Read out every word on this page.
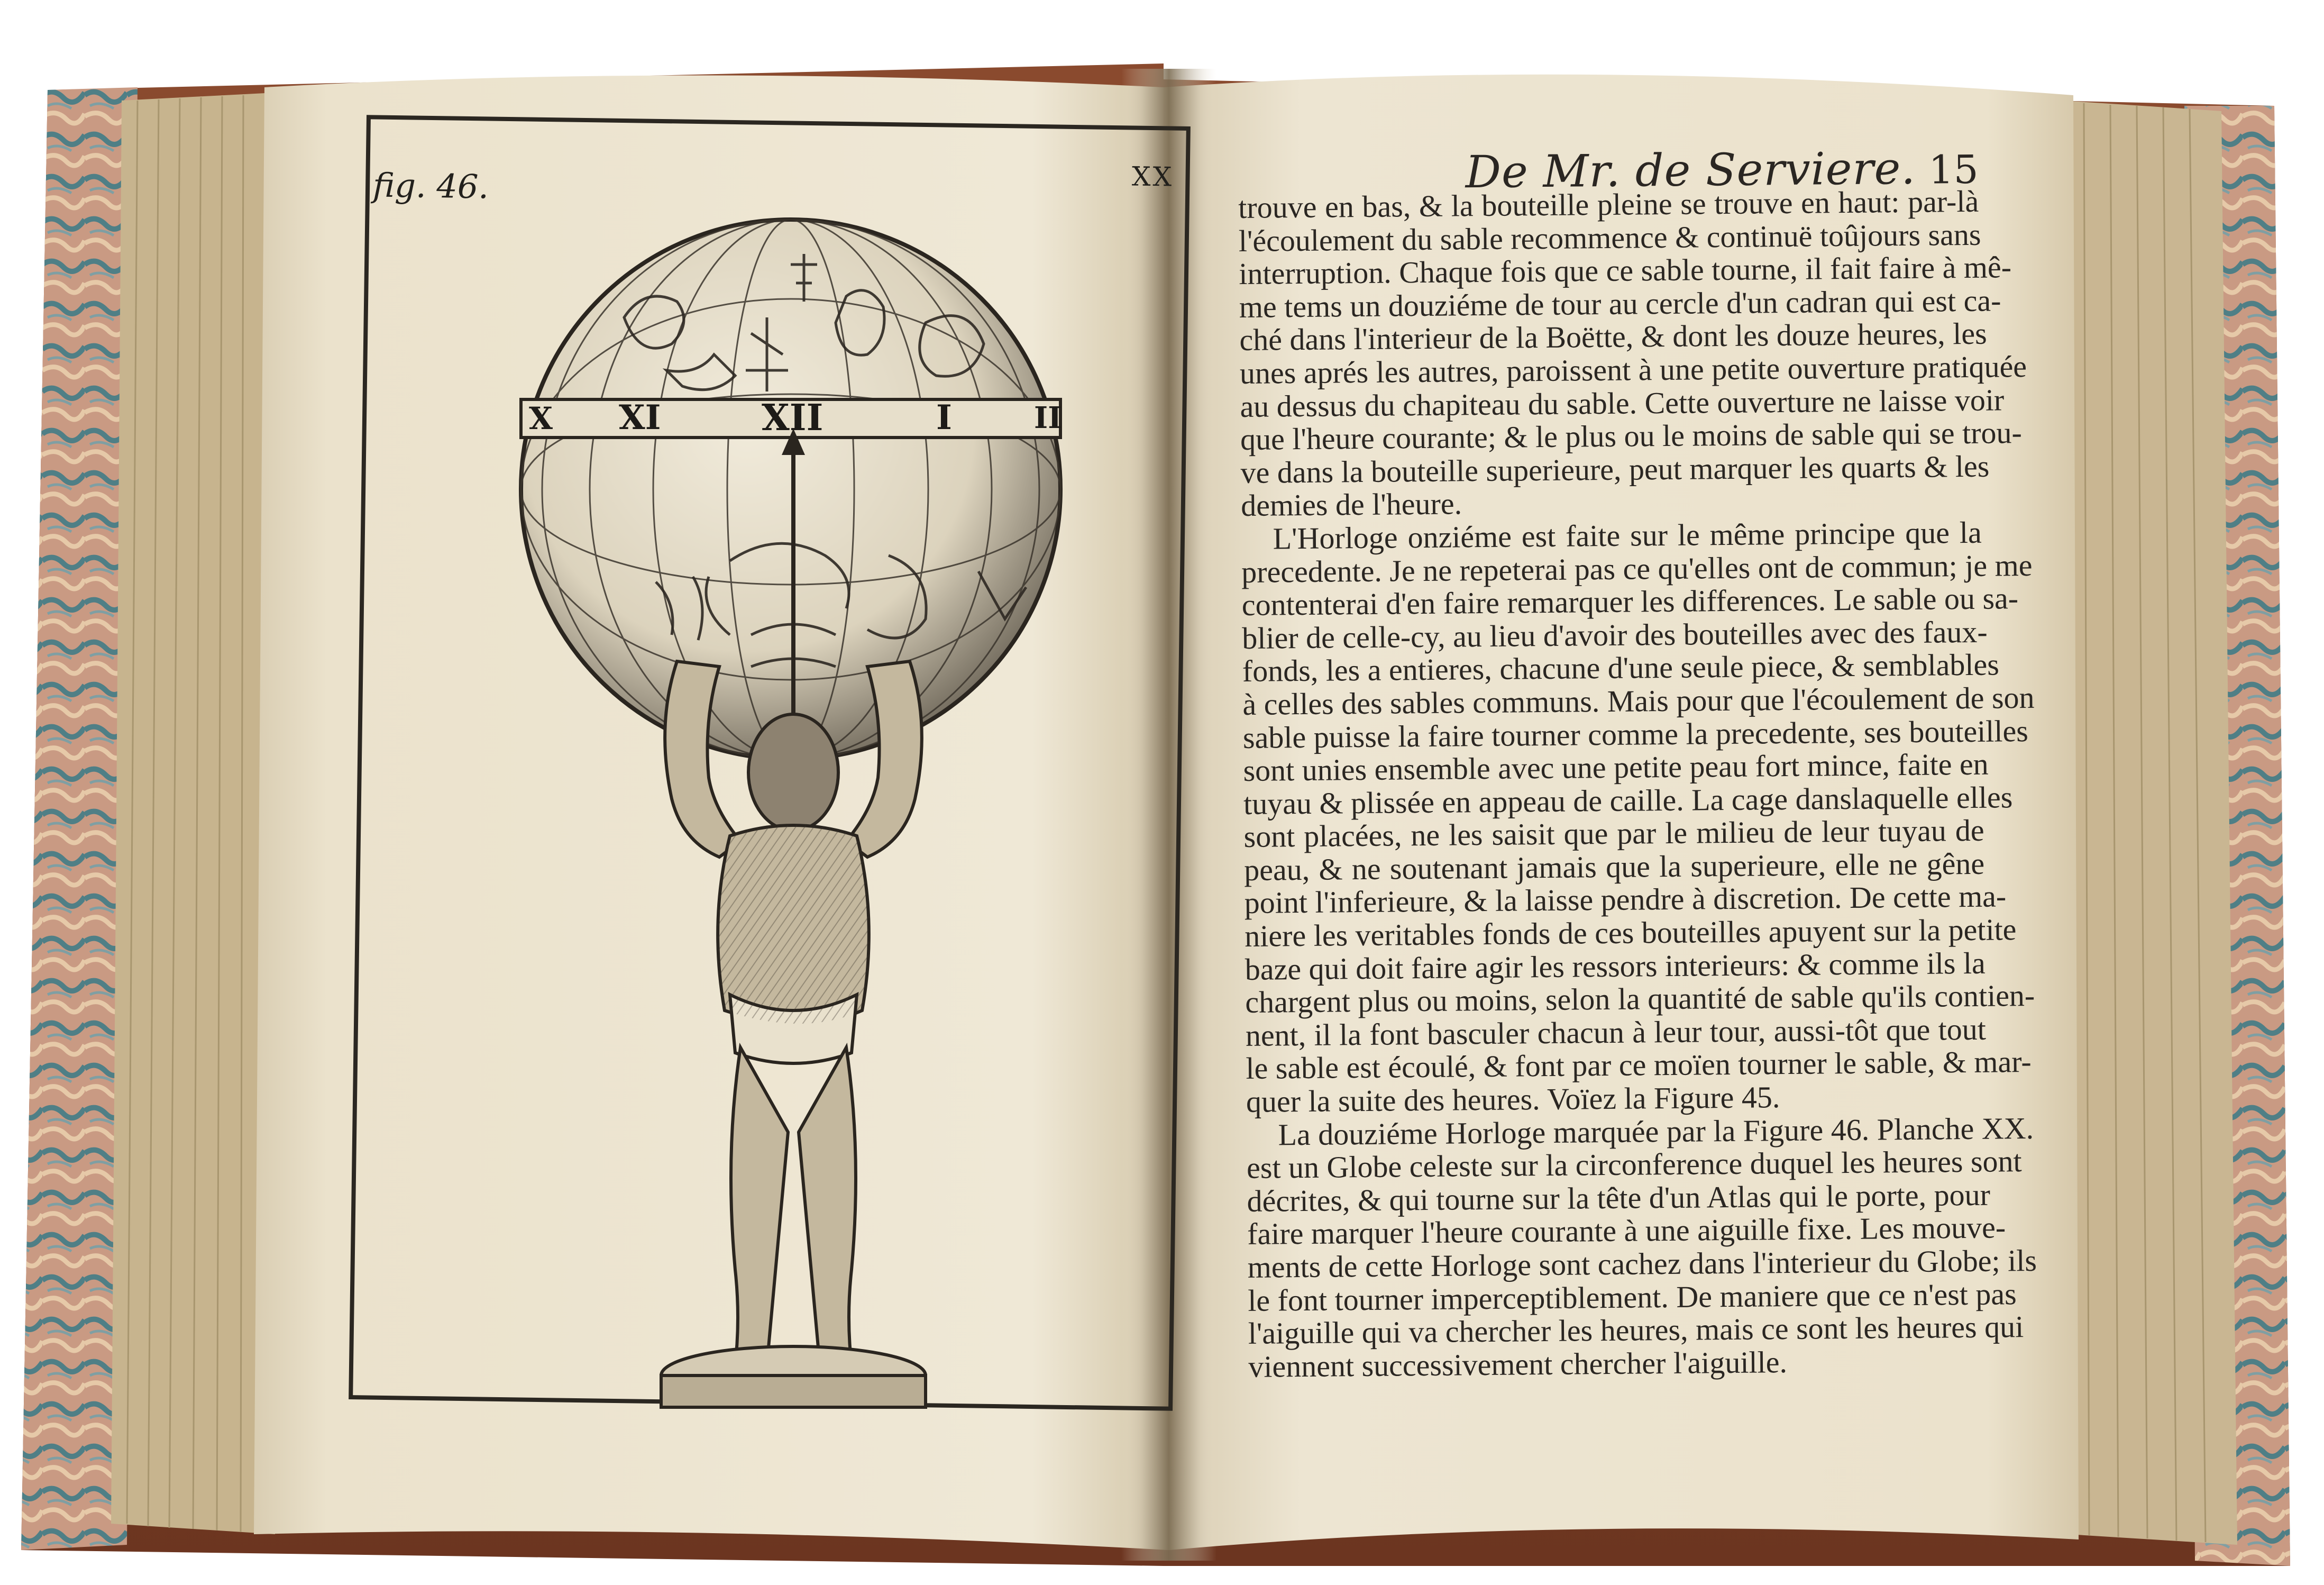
fig. 46.	XX
X XI	XII	I	II
De Mr. de Serviere. 15
trouve en bas, & la bouteille pleine se trouve en haut: par-là
l'écoulement du sable recommence & continuë toûjours sans
interruption. Chaque fois que ce sable tourne, il fait faire à mê-
me tems un douziéme de tour au cercle d'un cadran qui est ca-
ché dans l'interieur de la Boëtte, & dont les douze heures, les
unes aprés les autres, paroissent à une petite ouverture pratiquée
au dessus du chapiteau du sable. Cette ouverture ne laisse voir
que l'heure courante; & le plus ou le moins de sable qui se trou-
ve dans la bouteille superieure, peut marquer les quarts & les
demies de l'heure.
L'Horloge onziéme est faite sur le même principe que la
precedente. Je ne repeterai pas ce qu'elles ont de commun; je me
contenterai d'en faire remarquer les differences. Le sable ou sa-
blier de celle-cy, au lieu d'avoir des bouteilles avec des faux-
fonds, les a entieres, chacune d'une seule piece, & semblables
à celles des sables communs. Mais pour que l'écoulement de son
sable puisse la faire tourner comme la precedente, ses bouteilles
sont unies ensemble avec une petite peau fort mince, faite en
tuyau & plissée en appeau de caille. La cage danslaquelle elles
sont placées, ne les saisit que par le milieu de leur tuyau de
peau, & ne soutenant jamais que la superieure, elle ne gêne
point l'inferieure, & la laisse pendre à discretion. De cette ma-
niere les veritables fonds de ces bouteilles apuyent sur la petite
baze qui doit faire agir les ressors interieurs: & comme ils la
chargent plus ou moins, selon la quantité de sable qu'ils contien-
nent, il la font basculer chacun à leur tour, aussi-tôt que tout
le sable est écoulé, & font par ce moïen tourner le sable, & mar-
quer la suite des heures. Voïez la Figure 45.
La douziéme Horloge marquée par la Figure 46. Planche XX.
est un Globe celeste sur la circonference duquel les heures sont
décrites, & qui tourne sur la tête d'un Atlas qui le porte, pour
faire marquer l'heure courante à une aiguille fixe. Les mouve-
ments de cette Horloge sont cachez dans l'interieur du Globe; ils
le font tourner imperceptiblement. De maniere que ce n'est pas
l'aiguille qui va chercher les heures, mais ce sont les heures qui
viennent successivement chercher l'aiguille.
